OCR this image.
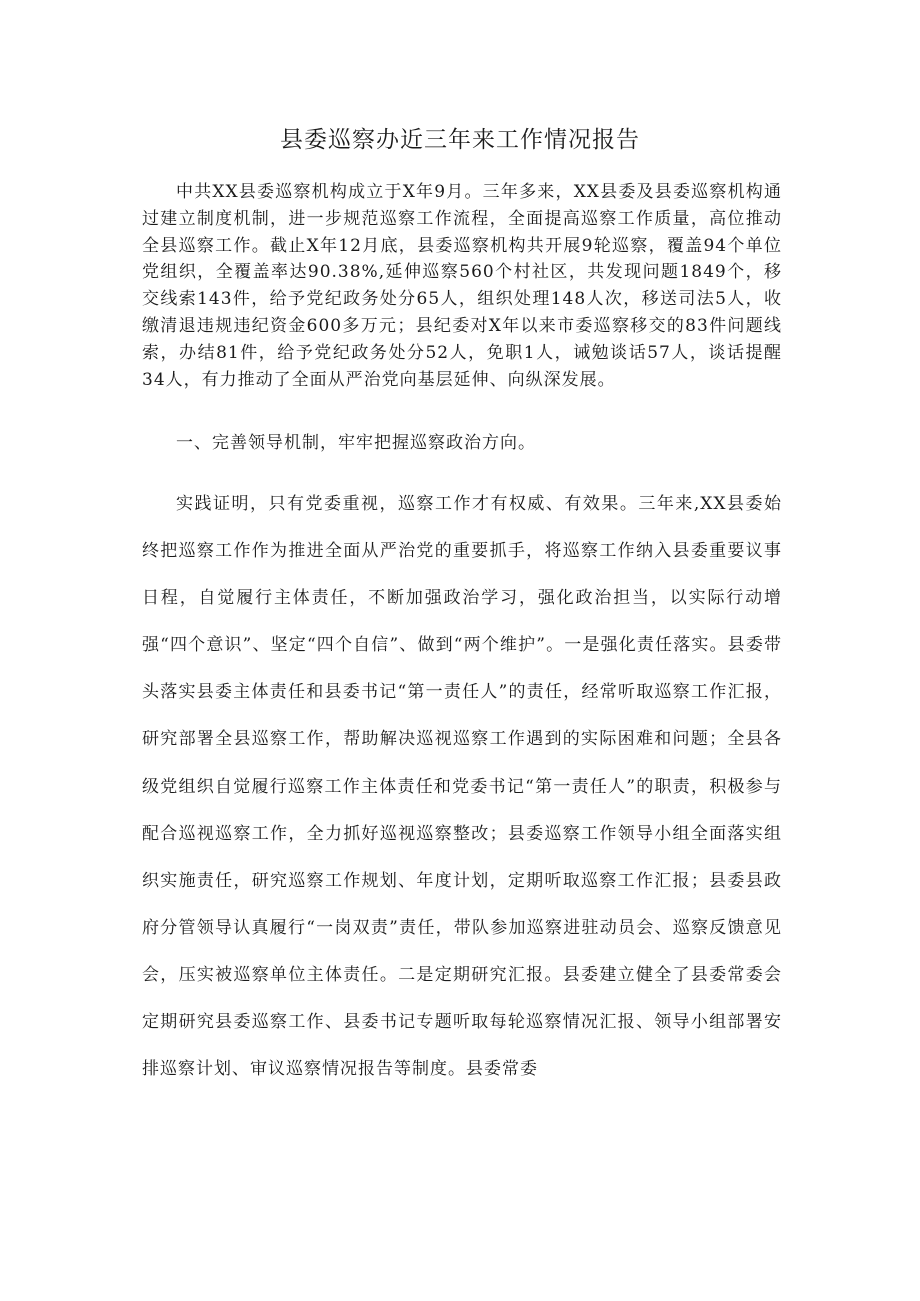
县委巡察办近三年来工作情况报告

中共XX县委巡察机构成立于X年9月。三年多来，XX县委及县委巡察机构通过建立制度机制，进一步规范巡察工作流程，全面提高巡察工作质量，高位推动全县巡察工作。截止X年12月底，县委巡察机构共开展9轮巡察，覆盖94个单位党组织，全覆盖率达90.38%,延伸巡察560个村社区，共发现问题1849个，移交线索143件，给予党纪政务处分65人，组织处理148人次，移送司法5人，收缴清退违规违纪资金600多万元；县纪委对X年以来市委巡察移交的83件问题线索，办结81件，给予党纪政务处分52人，免职1人，诫勉谈话57人，谈话提醒34人，有力推动了全面从严治党向基层延伸、向纵深发展。

一、完善领导机制，牢牢把握巡察政治方向。

实践证明，只有党委重视，巡察工作才有权威、有效果。三年来,XX县委始终把巡察工作作为推进全面从严治党的重要抓手，将巡察工作纳入县委重要议事日程，自觉履行主体责任，不断加强政治学习，强化政治担当，以实际行动增强“四个意识”、坚定“四个自信”、做到“两个维护”。一是强化责任落实。县委带头落实县委主体责任和县委书记“第一责任人”的责任，经常听取巡察工作汇报，研究部署全县巡察工作，帮助解决巡视巡察工作遇到的实际困难和问题；全县各级党组织自觉履行巡察工作主体责任和党委书记“第一责任人”的职责，积极参与配合巡视巡察工作，全力抓好巡视巡察整改；县委巡察工作领导小组全面落实组织实施责任，研究巡察工作规划、年度计划，定期听取巡察工作汇报；县委县政府分管领导认真履行“一岗双责”责任，带队参加巡察进驻动员会、巡察反馈意见会，压实被巡察单位主体责任。二是定期研究汇报。县委建立健全了县委常委会定期研究县委巡察工作、县委书记专题听取每轮巡察情况汇报、领导小组部署安排巡察计划、审议巡察情况报告等制度。县委常委
